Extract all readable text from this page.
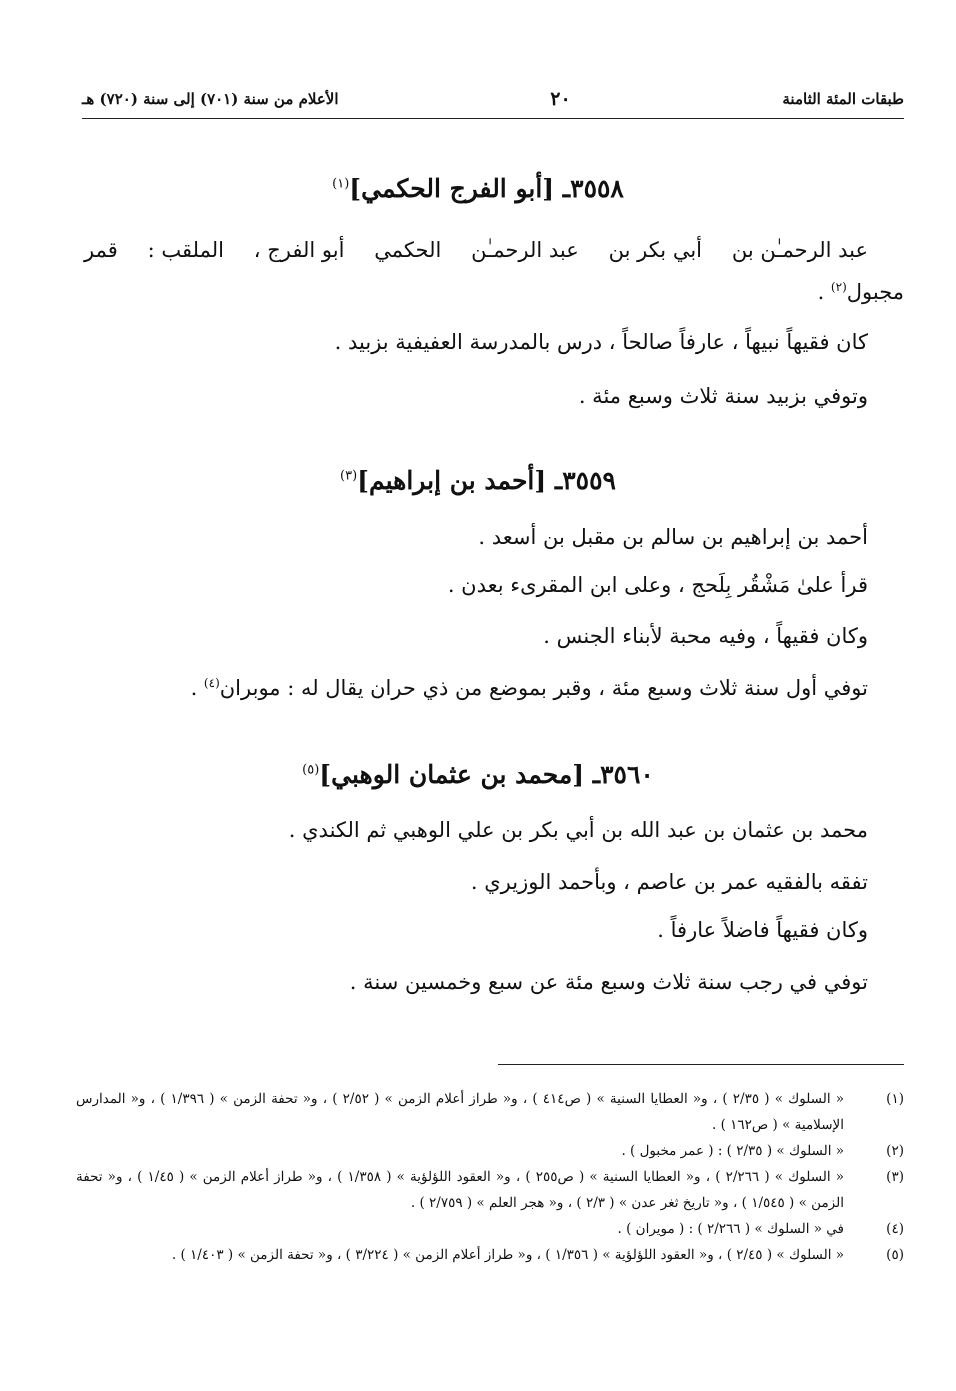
طبقات المئة الثامنة
٢٠
الأعلام من سنة (٧٠١) إلى سنة (٧٢٠) هـ
٣٥٥٨ـ [أبو الفرج الحكمي]$^{(١)}$
عبد الرحمـٰن بن
أبي بكر بن
عبد الرحمـٰن
الحكمي
أبو الفرج ،
الملقب :
قمر
مجبول$^{(٢)}$ .
كان فقيهاً نبيهاً ، عارفاً صالحاً ، درس بالمدرسة العفيفية بزبيد .
وتوفي بزبيد سنة ثلاث وسبع مئة .
٣٥٥٩ـ [أحمد بن إبراهيم]$^{(٣)}$
أحمد بن إبراهيم بن سالم بن مقبل بن أسعد .
قرأ علىٰ مَشْقُر بِلَحج ، وعلى ابن المقرىء بعدن .
وكان فقيهاً ، وفيه محبة لأبناء الجنس .
توفي أول سنة ثلاث وسبع مئة ، وقبر بموضع من ذي حران يقال له : موبران$^{(٤)}$ .
٣٥٦٠ـ [محمد بن عثمان الوهبي]$^{(٥)}$
محمد بن عثمان بن عبد الله بن أبي بكر بن علي الوهبي ثم الكندي .
تفقه بالفقيه عمر بن عاصم ، وبأحمد الوزيري .
وكان فقيهاً فاضلاً عارفاً .
توفي في رجب سنة ثلاث وسبع مئة عن سبع وخمسين سنة .
(١)
« السلوك » ( ٢/٣٥ ) ، و« العطايا السنية » ( ص٤١٤ ) ، و« طراز أعلام الزمن » ( ٢/٥٢ ) ، و« تحفة الزمن » ( ١/٣٩٦ ) ، و« المدارس الإسلامية » ( ص١٦٢ ) .
(٢)
« السلوك » ( ٢/٣٥ ) : ( عمر مخبول ) .
(٣)
« السلوك » ( ٢/٢٦٦ ) ، و« العطايا السنية » ( ص٢٥٥ ) ، و« العقود اللؤلؤية » ( ١/٣٥٨ ) ، و« طراز أعلام الزمن » ( ١/٤٥ ) ، و« تحفة الزمن » ( ١/٥٤٥ ) ، و« تاريخ ثغر عدن » ( ٢/٣ ) ، و« هجر العلم » ( ٢/٧٥٩ ) .
(٤)
في « السلوك » ( ٢/٢٦٦ ) : ( مويران ) .
(٥)
« السلوك » ( ٢/٤٥ ) ، و« العقود اللؤلؤية » ( ١/٣٥٦ ) ، و« طراز أعلام الزمن » ( ٣/٢٢٤ ) ، و« تحفة الزمن » ( ١/٤٠٣ ) .
